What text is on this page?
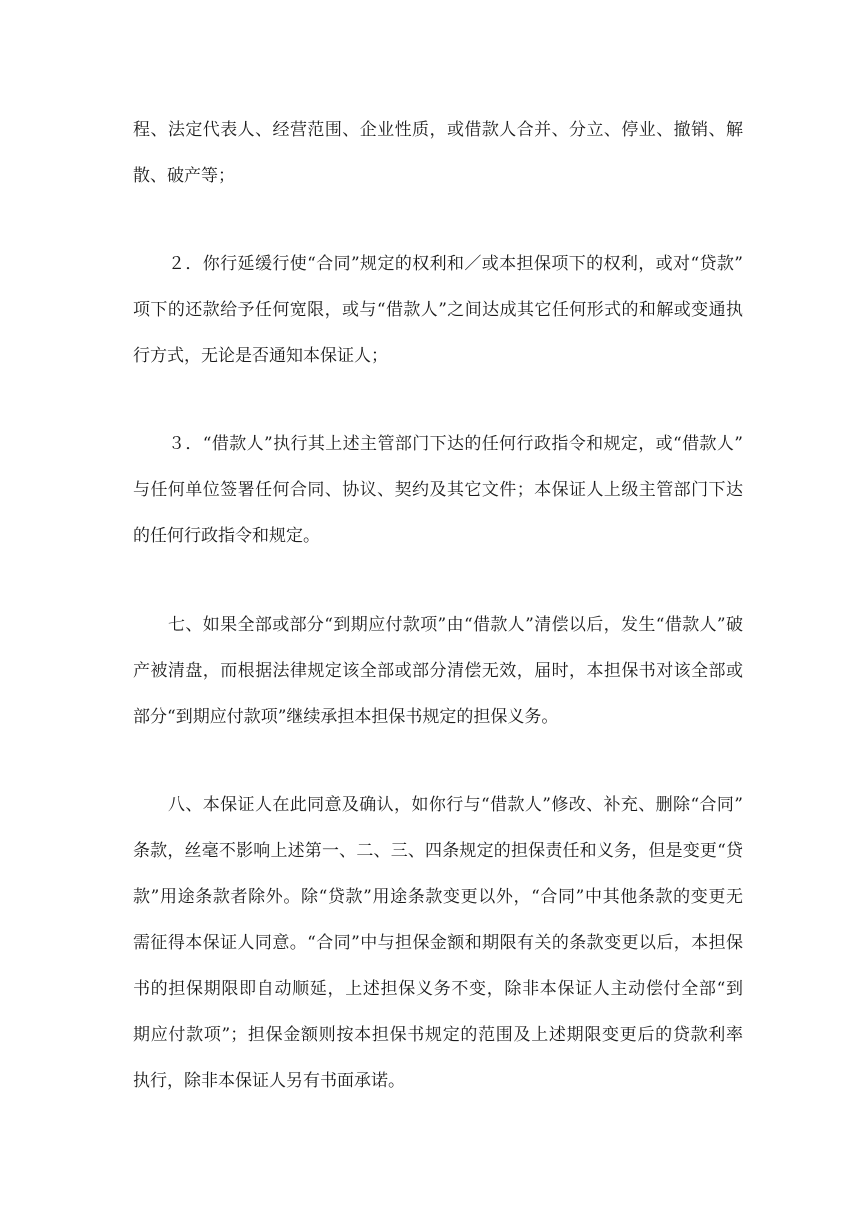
程、法定代表人、经营范围、企业性质，或借款人合并、分立、停业、撤销、解
散、破产等；
２．你行延缓行使“合同”规定的权利和／或本担保项下的权利，或对“贷款”
项下的还款给予任何宽限，或与“借款人”之间达成其它任何形式的和解或变通执
行方式，无论是否通知本保证人；
３．“借款人”执行其上述主管部门下达的任何行政指令和规定，或“借款人”
与任何单位签署任何合同、协议、契约及其它文件；本保证人上级主管部门下达
的任何行政指令和规定。
七、如果全部或部分“到期应付款项”由“借款人”清偿以后，发生“借款人”破
产被清盘，而根据法律规定该全部或部分清偿无效，届时，本担保书对该全部或
部分“到期应付款项”继续承担本担保书规定的担保义务。
八、本保证人在此同意及确认，如你行与“借款人”修改、补充、删除“合同”
条款，丝毫不影响上述第一、二、三、四条规定的担保责任和义务，但是变更“贷
款”用途条款者除外。除“贷款”用途条款变更以外，“合同”中其他条款的变更无
需征得本保证人同意。“合同”中与担保金额和期限有关的条款变更以后，本担保
书的担保期限即自动顺延，上述担保义务不变，除非本保证人主动偿付全部“到
期应付款项”；担保金额则按本担保书规定的范围及上述期限变更后的贷款利率
执行，除非本保证人另有书面承诺。
